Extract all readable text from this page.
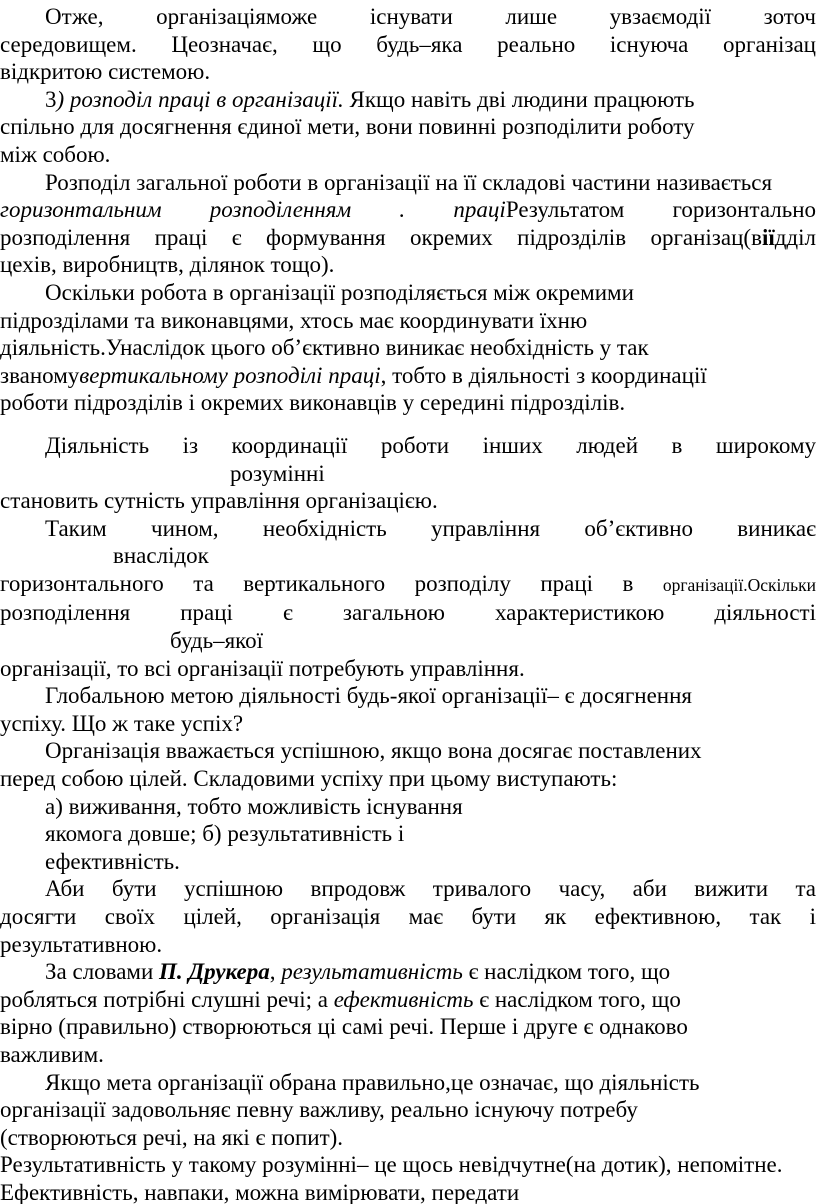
Отже, організаціяможе існувати лише увзаємодії зоточ
середовищем. Цеозначає, що будь–яка реально існуюча організац
відкритою системою.
3) розподіл праці в організації. Якщо навіть дві людини працюють
спільно для досягнення єдиної мети, вони повинні розподілити роботу
між собою.
Розподіл загальної роботи в організації на її складові частини називається
горизонтальним розподіленням . праціРезультатом горизонтально
розподілення праці є формування окремих підрозділів організац(віїдділ
цехів, виробництв, ділянок тощо).
Оскільки робота в організації розподіляється між окремими
підрозділами та виконавцями, хтось має координувати їхню
діяльність.Унаслідок цього об’єктивно виникає необхідність у так
званомувертикальному розподілі праці, тобто в діяльності з координації
роботи підрозділів і окремих виконавців у середині підрозділів.
Діяльність із координації роботи інших людей в широкому
розумінні
становить сутність управління організацією.
Таким чином, необхідність управління об’єктивно виникає
внаслідок
горизонтального та вертикального розподілу праці в організації.Оскільки
розподілення праці є загальною характеристикою діяльності
будь–якої
організації, то всі організації потребують управління.
Глобальною метою діяльності будь-якої організації– є досягнення
успіху. Що ж таке успіх?
Організація вважається успішною, якщо вона досягає поставлених
перед собою цілей. Складовими успіху при цьому виступають:
а) виживання, тобто можливість існування
якомога довше; б) результативність і
ефективність.
Аби бути успішною впродовж тривалого часу, аби вижити та
досягти своїх цілей, організація має бути як ефективною, так і
результативною.
За словами П. Друкера, результативність є наслідком того, що
робляться потрібні слушні речі; а ефективність є наслідком того, що
вірно (правильно) створюються ці самі речі. Перше і друге є однаково
важливим.
Якщо мета організації обрана правильно,це означає, що діяльність
організації задовольняє певну важливу, реально існуючу потребу
(створюються речі, на які є попит).
Результативність у такому розумінні– це щось невідчутне(на дотик), непомітне.
Ефективність, навпаки, можна вимірювати, передати
